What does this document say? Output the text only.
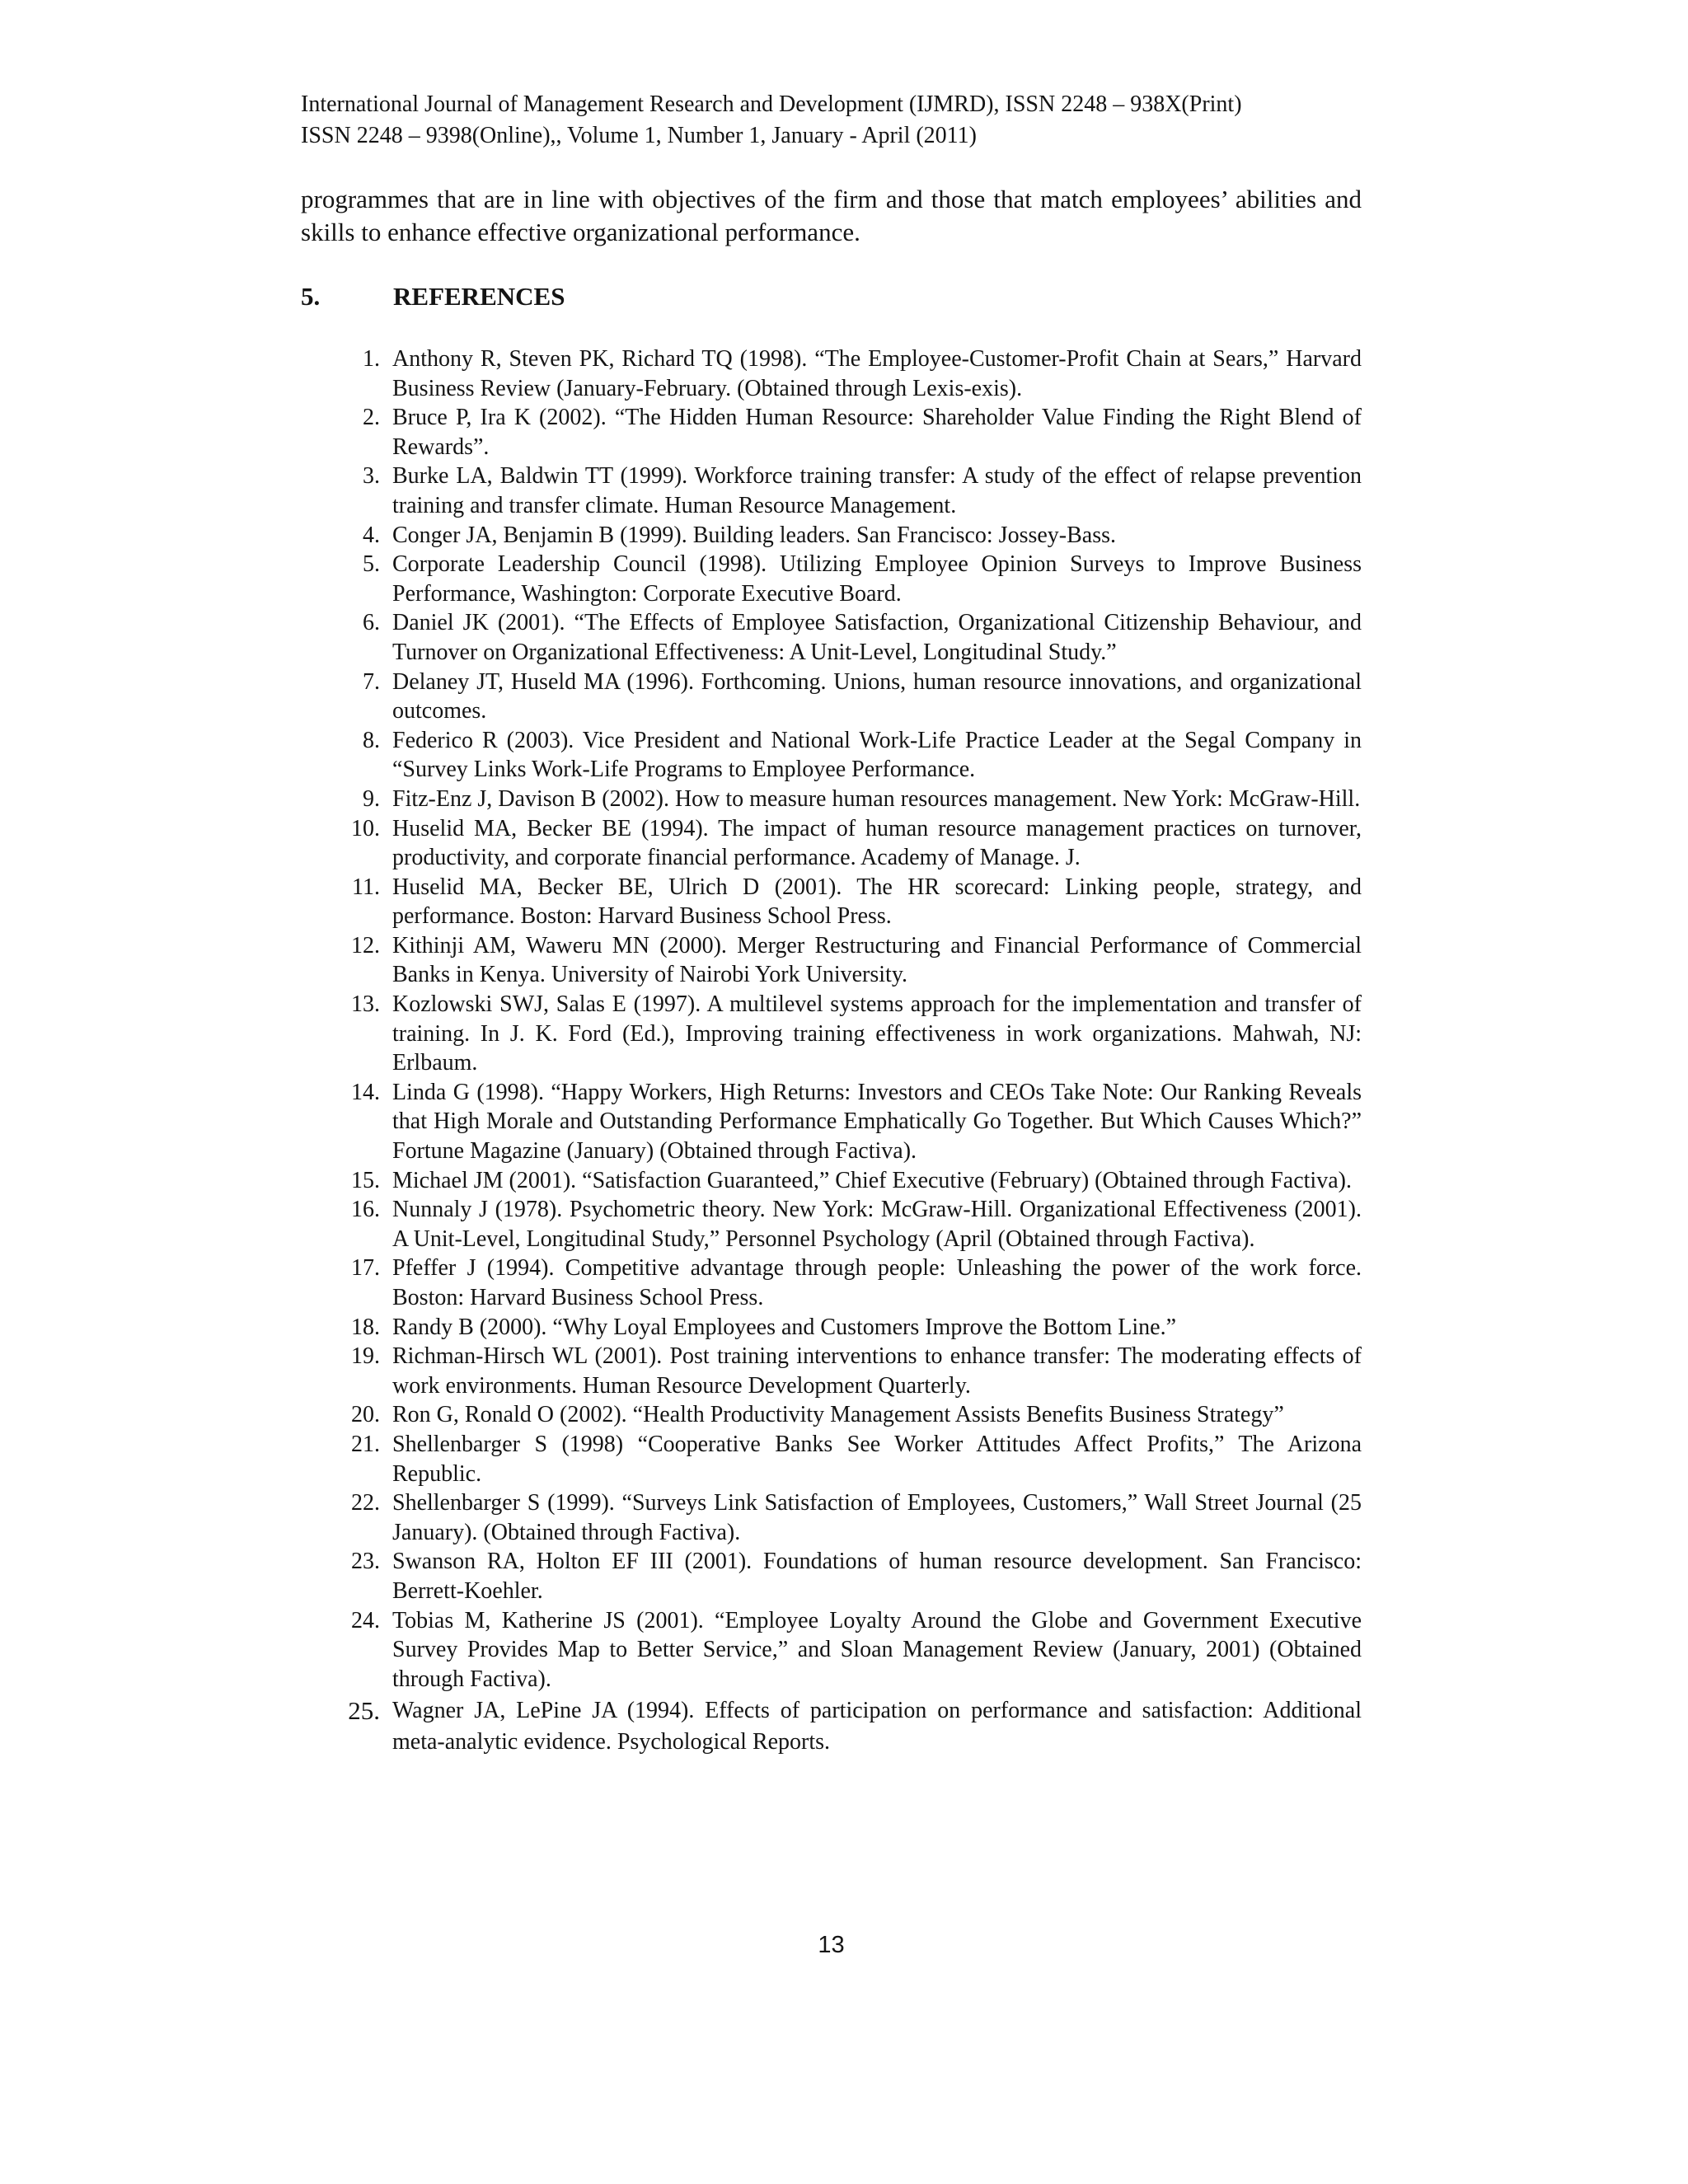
International Journal of Management Research and Development (IJMRD), ISSN 2248 – 938X(Print)
ISSN 2248 – 9398(Online),, Volume 1, Number 1, January - April (2011)

programmes that are in line with objectives of the firm and those that match employees’ abilities and skills to enhance effective organizational performance.

5.	REFERENCES
1. Anthony R, Steven PK, Richard TQ (1998). “The Employee-Customer-Profit Chain at Sears,” Harvard Business Review (January-February. (Obtained through Lexis-exis).
2. Bruce P, Ira K (2002). “The Hidden Human Resource: Shareholder Value Finding the Right Blend of Rewards”.
3. Burke LA, Baldwin TT (1999). Workforce training transfer: A study of the effect of relapse prevention training and transfer climate. Human Resource Management.
4. Conger JA, Benjamin B (1999). Building leaders. San Francisco: Jossey-Bass.
5. Corporate Leadership Council (1998). Utilizing Employee Opinion Surveys to Improve Business Performance, Washington: Corporate Executive Board.
6. Daniel JK (2001). “The Effects of Employee Satisfaction, Organizational Citizenship Behaviour, and Turnover on Organizational Effectiveness: A Unit-Level, Longitudinal Study.”
7. Delaney JT, Huseld MA (1996). Forthcoming. Unions, human resource innovations, and organizational outcomes.
8. Federico R (2003). Vice President and National Work-Life Practice Leader at the Segal Company in “Survey Links Work-Life Programs to Employee Performance.
9. Fitz-Enz J, Davison B (2002). How to measure human resources management. New York: McGraw-Hill.
10. Huselid MA, Becker BE (1994). The impact of human resource management practices on turnover, productivity, and corporate financial performance. Academy of Manage. J.
11. Huselid MA, Becker BE, Ulrich D (2001). The HR scorecard: Linking people, strategy, and performance. Boston: Harvard Business School Press.
12. Kithinji AM, Waweru MN (2000). Merger Restructuring and Financial Performance of Commercial Banks in Kenya. University of Nairobi York University.
13. Kozlowski SWJ, Salas E (1997). A multilevel systems approach for the implementation and transfer of training. In J. K. Ford (Ed.), Improving training effectiveness in work organizations. Mahwah, NJ: Erlbaum.
14. Linda G (1998). “Happy Workers, High Returns: Investors and CEOs Take Note: Our Ranking Reveals that High Morale and Outstanding Performance Emphatically Go Together. But Which Causes Which?” Fortune Magazine (January) (Obtained through Factiva).
15. Michael JM (2001). “Satisfaction Guaranteed,” Chief Executive (February) (Obtained through Factiva).
16. Nunnaly J (1978). Psychometric theory. New York: McGraw-Hill. Organizational Effectiveness (2001). A Unit-Level, Longitudinal Study,” Personnel Psychology (April (Obtained through Factiva).
17. Pfeffer J (1994). Competitive advantage through people: Unleashing the power of the work force. Boston: Harvard Business School Press.
18. Randy B (2000). “Why Loyal Employees and Customers Improve the Bottom Line.”
19. Richman-Hirsch WL (2001). Post training interventions to enhance transfer: The moderating effects of work environments. Human Resource Development Quarterly.
20. Ron G, Ronald O (2002). “Health Productivity Management Assists Benefits Business Strategy”
21. Shellenbarger S (1998) “Cooperative Banks See Worker Attitudes Affect Profits,” The Arizona Republic.
22. Shellenbarger S (1999). “Surveys Link Satisfaction of Employees, Customers,” Wall Street Journal (25 January). (Obtained through Factiva).
23. Swanson RA, Holton EF III (2001). Foundations of human resource development. San Francisco: Berrett-Koehler.
24. Tobias M, Katherine JS (2001). “Employee Loyalty Around the Globe and Government Executive Survey Provides Map to Better Service,” and Sloan Management Review (January, 2001) (Obtained through Factiva).
25. Wagner JA, LePine JA (1994). Effects of participation on performance and satisfaction: Additional meta-analytic evidence. Psychological Reports.
13
